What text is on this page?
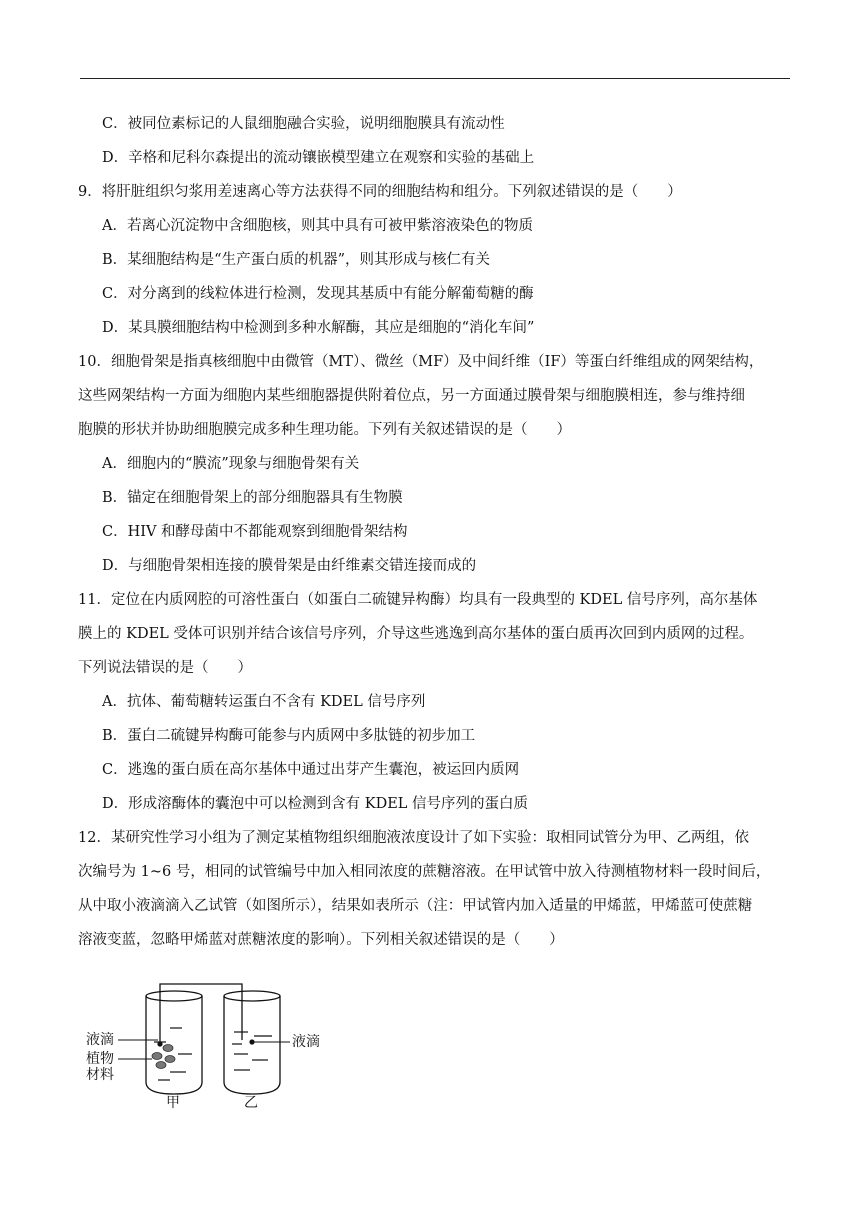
C．被同位素标记的人鼠细胞融合实验，说明细胞膜具有流动性
D．辛格和尼科尔森提出的流动镶嵌模型建立在观察和实验的基础上
9．将肝脏组织匀浆用差速离心等方法获得不同的细胞结构和组分。下列叙述错误的是（　　）
A．若离心沉淀物中含细胞核，则其中具有可被甲紫溶液染色的物质
B．某细胞结构是“生产蛋白质的机器”，则其形成与核仁有关
C．对分离到的线粒体进行检测，发现其基质中有能分解葡萄糖的酶
D．某具膜细胞结构中检测到多种水解酶，其应是细胞的“消化车间”
10．细胞骨架是指真核细胞中由微管（MT）、微丝（MF）及中间纤维（IF）等蛋白纤维组成的网架结构，
这些网架结构一方面为细胞内某些细胞器提供附着位点，另一方面通过膜骨架与细胞膜相连，参与维持细
胞膜的形状并协助细胞膜完成多种生理功能。下列有关叙述错误的是（　　）
A．细胞内的“膜流”现象与细胞骨架有关
B．锚定在细胞骨架上的部分细胞器具有生物膜
C．HIV 和酵母菌中不都能观察到细胞骨架结构
D．与细胞骨架相连接的膜骨架是由纤维素交错连接而成的
11．定位在内质网腔的可溶性蛋白（如蛋白二硫键异构酶）均具有一段典型的 KDEL 信号序列，高尔基体
膜上的 KDEL 受体可识别并结合该信号序列，介导这些逃逸到高尔基体的蛋白质再次回到内质网的过程。
下列说法错误的是（　　）
A．抗体、葡萄糖转运蛋白不含有 KDEL 信号序列
B．蛋白二硫键异构酶可能参与内质网中多肽链的初步加工
C．逃逸的蛋白质在高尔基体中通过出芽产生囊泡，被运回内质网
D．形成溶酶体的囊泡中可以检测到含有 KDEL 信号序列的蛋白质
12．某研究性学习小组为了测定某植物组织细胞液浓度设计了如下实验：取相同试管分为甲、乙两组，依
次编号为 1~6 号，相同的试管编号中加入相同浓度的蔗糖溶液。在甲试管中放入待测植物材料一段时间后，
从中取小液滴滴入乙试管（如图所示），结果如表所示（注：甲试管内加入适量的甲烯蓝，甲烯蓝可使蔗糖
溶液变蓝，忽略甲烯蓝对蔗糖浓度的影响）。下列相关叙述错误的是（　　）
液滴
植物
材料
液滴
甲	乙
